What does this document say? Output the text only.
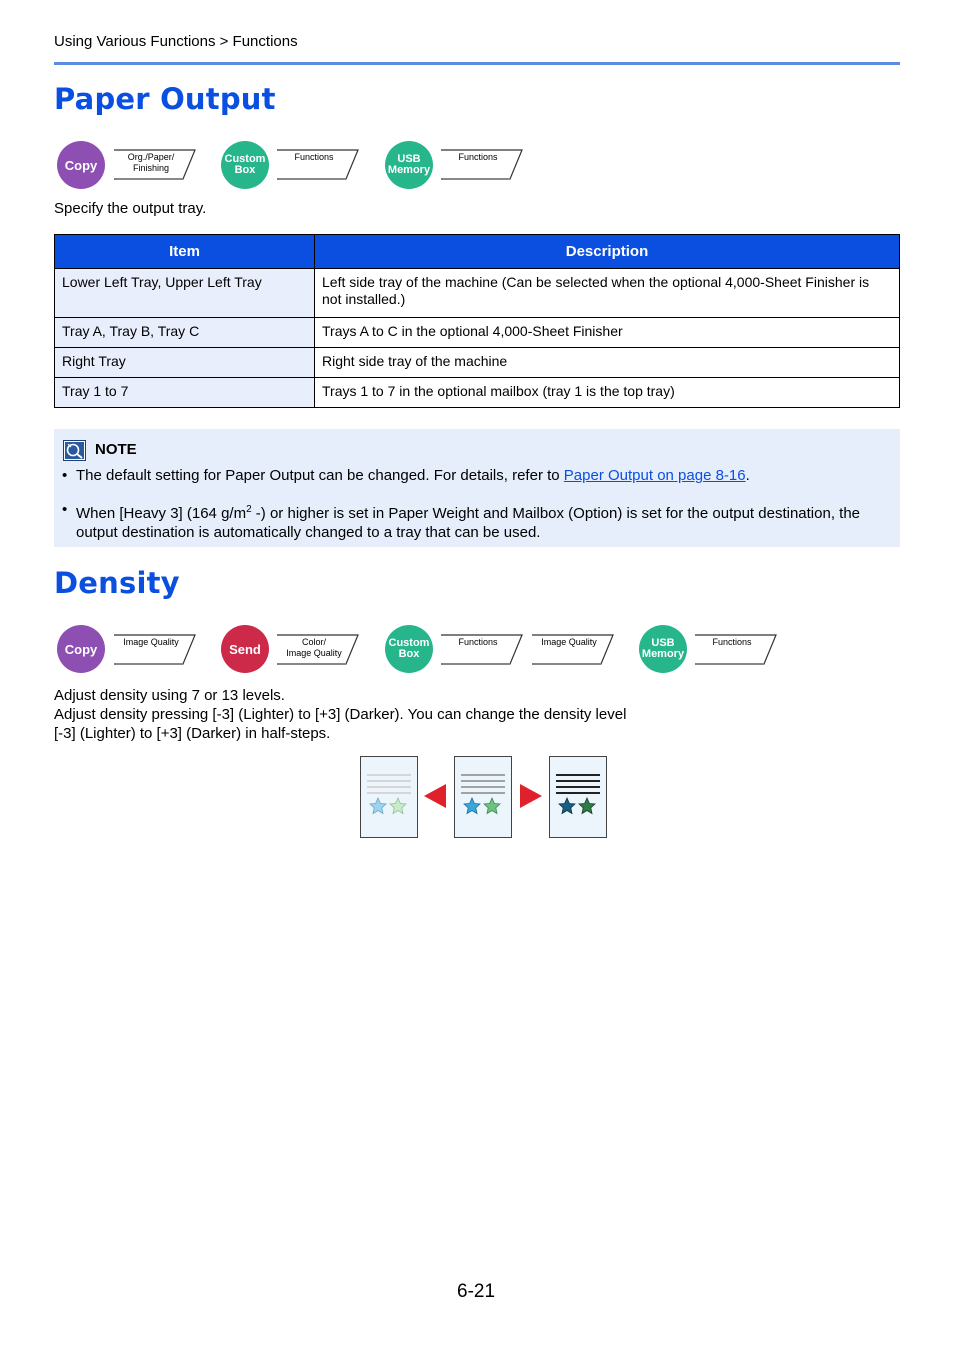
Using Various Functions > Functions
Paper Output
Copy
Org./Paper/
Finishing
Custom
Box
Functions	USB
Memory
Functions
Specify the output tray.
Item	Description
Lower Left Tray, Upper Left Tray	Left side tray of the machine (Can be selected when the optional 4,000-Sheet Finisher is not installed.)
Tray A, Tray B, Tray C	Trays A to C in the optional 4,000-Sheet Finisher
Right Tray	Right side tray of the machine
Tray 1 to 7	Trays 1 to 7 in the optional mailbox (tray 1 is the top tray)
NOTE
• The default setting for Paper Output can be changed. For details, refer to Paper Output on page 8-16.
• When [Heavy 3] (164 $g/m^2$ -) or higher is set in Paper Weight and Mailbox (Option) is set for the output destination, the output destination is automatically changed to a tray that can be used.
Density
Copy	Image Quality	Send	Color/
Image Quality
Custom
Box
Functions	Image Quality	USB
Memory
Functions
Adjust density using 7 or 13 levels.
Adjust density pressing [-3] (Lighter) to [+3] (Darker). You can change the density level
[-3] (Lighter) to [+3] (Darker) in half-steps.
6-21
